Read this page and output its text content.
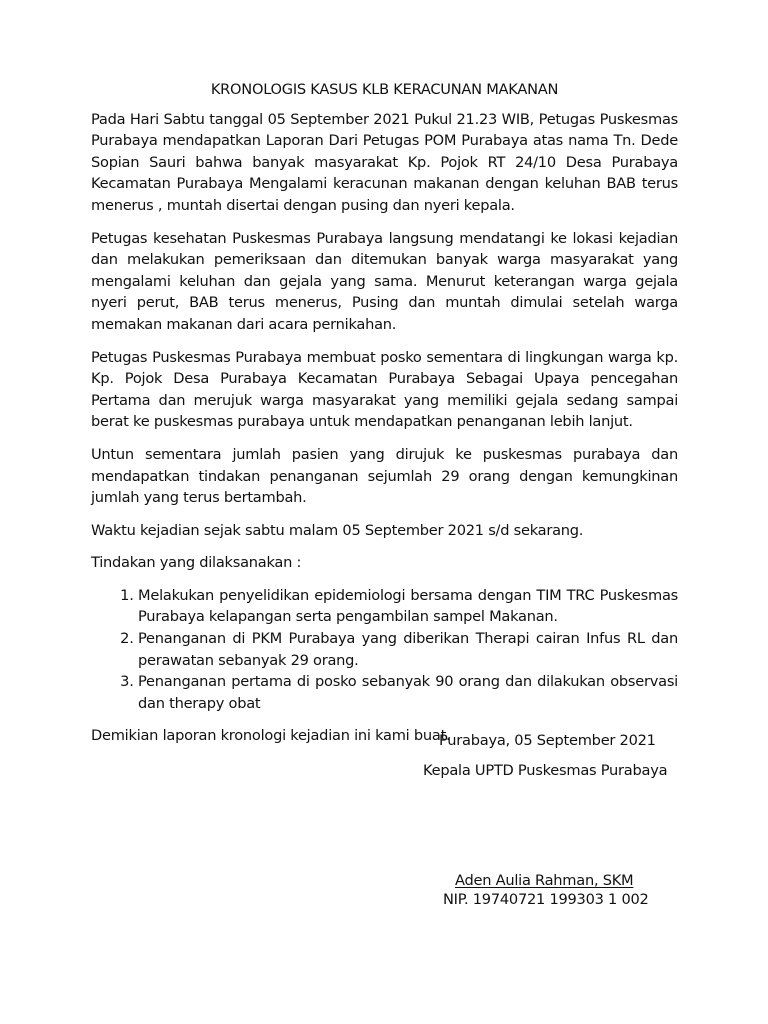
KRONOLOGIS KASUS KLB KERACUNAN MAKANAN

Pada Hari Sabtu tanggal 05 September 2021 Pukul 21.23 WIB, Petugas Puskesmas Purabaya mendapatkan Laporan Dari Petugas POM Purabaya atas nama Tn. Dede Sopian Sauri bahwa banyak masyarakat Kp. Pojok RT 24/10 Desa Purabaya Kecamatan Purabaya Mengalami keracunan makanan dengan keluhan BAB terus menerus , muntah disertai dengan pusing dan nyeri kepala.

Petugas kesehatan Puskesmas Purabaya langsung mendatangi ke lokasi kejadian dan melakukan pemeriksaan dan ditemukan banyak warga masyarakat yang mengalami keluhan dan gejala yang sama. Menurut keterangan warga gejala nyeri perut, BAB terus menerus, Pusing dan muntah dimulai setelah warga memakan makanan dari acara pernikahan.

Petugas Puskesmas Purabaya membuat posko sementara di lingkungan warga kp. Kp. Pojok Desa Purabaya Kecamatan Purabaya Sebagai Upaya pencegahan Pertama dan merujuk warga masyarakat yang memiliki gejala sedang sampai berat ke puskesmas purabaya untuk mendapatkan penanganan lebih lanjut.

Untun sementara jumlah pasien yang dirujuk ke puskesmas purabaya dan mendapatkan tindakan penanganan sejumlah 29 orang dengan kemungkinan jumlah yang terus bertambah.

Waktu kejadian sejak sabtu malam 05 September 2021 s/d sekarang.

Tindakan yang dilaksanakan :

1. Melakukan penyelidikan epidemiologi bersama dengan TIM TRC Puskesmas Purabaya kelapangan serta pengambilan sampel Makanan.
2. Penanganan di PKM Purabaya yang diberikan Therapi cairan Infus RL dan perawatan sebanyak 29 orang.
3. Penanganan pertama di posko sebanyak 90 orang dan dilakukan observasi dan therapy obat

Demikian laporan kronologi kejadian ini kami buat.

Purabaya, 05 September 2021
Kepala UPTD Puskesmas Purabaya
Aden Aulia Rahman, SKM
NIP. 19740721 199303 1 002
